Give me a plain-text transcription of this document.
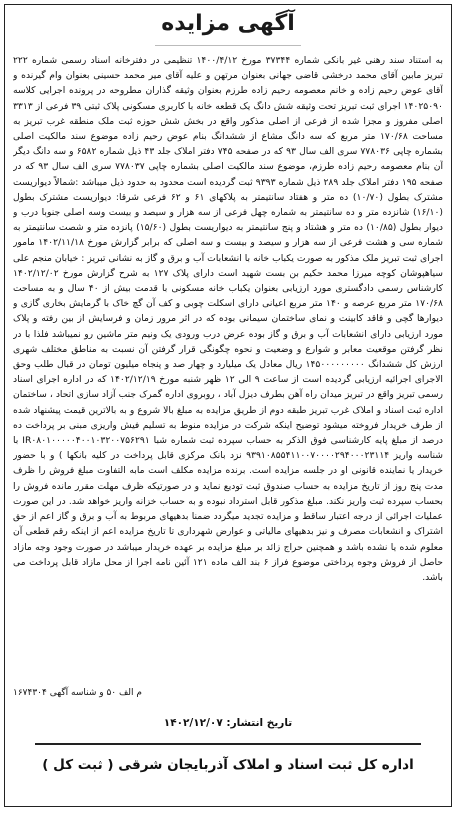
آگهی مزایده

به استناد سند رهنی غیر بانکی شماره ۳۷۳۴۴ مورخ ۱۴۰۰/۴/۱۲ تنظیمی در دفترخانه اسناد رسمی شماره ۲۲۲ تبریز مابین آقای محمد درخشی قاضی جهانی بعنوان مرتهن و علیه آقای میر محمد حسینی بعنوان وام گیرنده و آقای عوض رحیم زاده و خانم معصومه رحیم زاده طرزم بعنوان وثیقه گذاران مطروحه در پرونده اجرایی کلاسه ۱۴۰۲۵۰۹۰ اجرای ثبت تبریز تحت وثیقه شش دانگ یک قطعه خانه با کاربری مسکونی پلاک ثبتی ۳۹ فرعی از ۳۳۱۳ اصلی مفروز و مجزا شده از فرعی از اصلی مذکور واقع در بخش شش حوزه ثبت ملک منطقه غرب تبریز به مساحت ۱۷۰/۶۸ متر مربع که سه دانگ مشاع از ششدانگ بنام عوض رحیم زاده موضوع سند مالکیت اصلی بشماره چاپی ۷۷۸۰۳۶ سری الف سال ۹۳ که در صفحه ۷۴۵ دفتر املاک جلد ۴۳ ذیل شماره ۶۵۸۲ و سه دانگ دیگر آن بنام معصومه رحیم زاده طرزم، موضوع سند مالکیت اصلی بشماره چاپی ۷۷۸۰۳۷ سری الف سال ۹۳ که در صفحه ۱۹۵ دفتر املاک جلد ۲۸۹ ذیل شماره ۹۳۹۳ ثبت گردیده است محدود به حدود ذیل میباشد :شمالاً دیواریست مشترک بطول (۱۰/۷۰) ده متر و هفتاد سانتیمتر به پلاکهای ۶۱ و ۶۲ فرعی شرقا: دیواریست مشترک بطول (۱۶/۱۰) شانزده متر و ده سانتیمتر به شماره چهل فرعی از سه هزار و سیصد و بیست وسه اصلی جنوبا درب و دیوار بطول (۱۰/۸۵) ده متر و هشتاد و پنج سانتیمتر به دیواریست بطول (۱۵/۶۰) پانزده متر و شصت سانتیمتر به شماره سی و هشت فرعی از سه هزار و سیصد و بیست و سه اصلی که برابر گزارش مورخ ۱۴۰۲/۱۱/۱۸ مامور اجرای ثبت تبریز ملک مذکور به صورت یکباب خانه با انشعابات آب و برق و گاز به نشانی تبریز : خیابان منجم علی سیاهپوشان کوچه میرزا محمد حکیم بن بست شهید است دارای پلاک ۱۲۷ به شرح گزارش مورخ ۱۴۰۲/۱۲/۰۲ کارشناس رسمی دادگستری مورد ارزیابی بعنوان یکباب خانه مسکونی با قدمت بیش از ۴۰ سال و به مساحت ۱۷۰/۶۸ متر مربع عرصه و ۱۴۰ متر مربع اعیانی دارای اسکلت چوبی و کف آن گچ خاک با گرمایش بخاری گازی و دیوارها گچی و فاقد کابینت و نمای ساختمان سیمانی بوده که در اثر مرور زمان و فرسایش از بین رفته و پلاک مورد ارزیابی دارای انشعابات آب و برق و گاز بوده عرض درب ورودی یک ونیم متر ماشین رو نمیباشد فلذا با در نظر گرفتن موقعیت معابر و شوارع و وضعیت و نحوه چگونگی قرار گرفتن آن نسبت به مناطق مختلف شهری ارزش کل ششدانگ ۱۴۵۰۰۰۰۰۰۰۰۰ ریال معادل یک میلیارد و چهار صد و پنجاه میلیون تومان در قبال طلب وحق الاجرای اجرائیه ارزیابی گردیده است از ساعت ۹ الی ۱۲ ظهر شنبه مورخ ۱۴۰۲/۱۲/۱۹ که در اداره اجرای اسناد رسمی تبریز واقع در تبریز میدان راه آهن بطرف دیزل آباد ، روبروی اداره گمرک جنب آزاد سازی اتحاد ، ساختمان اداره ثبت اسناد و املاک غرب تبریز طبقه دوم از طریق مزایده به مبلغ بالا شروع و به بالاترین قیمت پیشنهاد شده از طرف خریدار فروخته میشود توضیح اینکه شرکت در مزایده منوط به تسلیم فیش واریزی مبنی بر پرداخت ده درصد از مبلغ پایه کارشناسی فوق الذکر به حساب سپرده ثبت شماره شبا IR۰۸۰۱۰۰۰۰۰۴۰۰۱۰۳۲۰۰۷۵۶۲۹۱ با شناسه واریز ۹۳۹۱۰۸۵۵۴۱۱۰۰۷۰۰۰۰۲۹۴۰۰۰۲۳۱۱۴ نزد بانک مرکزی قابل پرداخت در کلیه بانکها ) و با حضور خریدار یا نماینده قانونی او در جلسه مزایده است. برنده مزایده مکلف است مابه التفاوت مبلغ فروش را ظرف مدت پنج روز از تاریخ مزایده به حساب صندوق ثبت تودیع نماید و در صورتیکه ظرف مهلت مقرر مانده فروش را بحساب سپرده ثبت واریز نکند. مبلغ مذکور قابل استرداد نبوده و به حساب خزانه واریز خواهد شد. در این صورت عملیات اجرائی از درجه اعتبار ساقط و مزایده تجدید میگردد ضمنا بدهیهای مربوط به آب و برق و گاز اعم از حق اشتراک و انشعابات مصرف و نیز بدهیهای مالیاتی و عوارض شهرداری تا تاریخ مزایده اعم از اینکه رقم قطعی آن معلوم شده یا نشده باشد و همچنین حراج زائد بر مبلغ مزایده بر عهده خریدار میباشد در صورت وجود وجه مازاد حاصل از فروش وجوه پرداختی موضوع فراز ۶ بند الف ماده ۱۲۱ آئین نامه اجرا از محل مازاد قابل پرداخت می باشد.

م الف ۵۰ و شناسه آگهی ۱۶۷۴۳۰۴
تاریخ انتشار: ۱۴۰۲/۱۲/۰۷
اداره کل ثبت اسناد و املاک آذربایجان شرقی ( ثبت کل )
